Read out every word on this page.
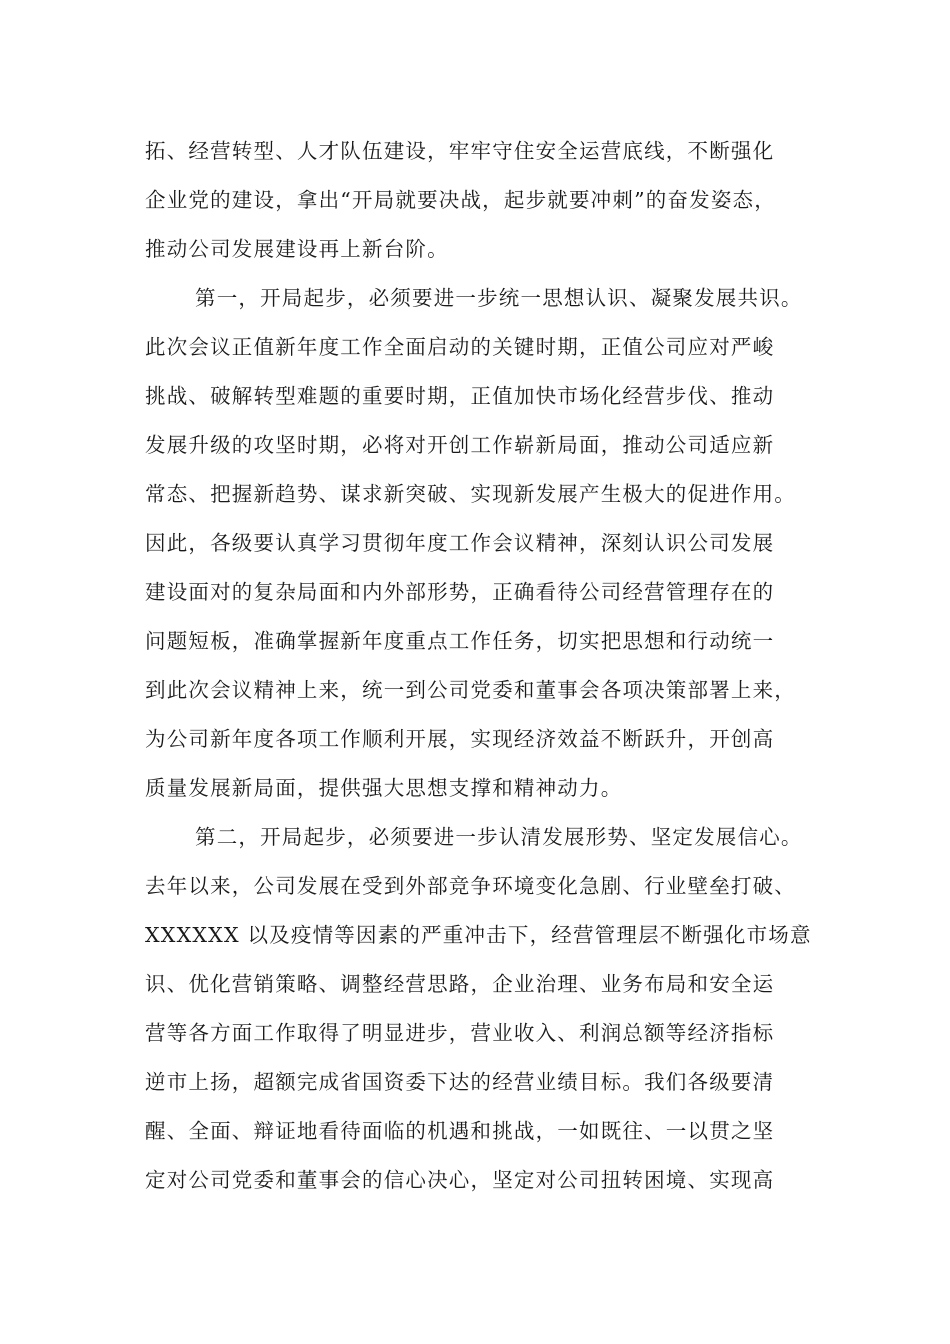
拓、经营转型、人才队伍建设，牢牢守住安全运营底线，不断强化
企业党的建设，拿出“开局就要决战，起步就要冲刺”的奋发姿态，
推动公司发展建设再上新台阶。
第一，开局起步，必须要进一步统一思想认识、凝聚发展共识。
此次会议正值新年度工作全面启动的关键时期，正值公司应对严峻
挑战、破解转型难题的重要时期，正值加快市场化经营步伐、推动
发展升级的攻坚时期，必将对开创工作崭新局面，推动公司适应新
常态、把握新趋势、谋求新突破、实现新发展产生极大的促进作用。
因此，各级要认真学习贯彻年度工作会议精神，深刻认识公司发展
建设面对的复杂局面和内外部形势，正确看待公司经营管理存在的
问题短板，准确掌握新年度重点工作任务，切实把思想和行动统一
到此次会议精神上来，统一到公司党委和董事会各项决策部署上来，
为公司新年度各项工作顺利开展，实现经济效益不断跃升，开创高
质量发展新局面，提供强大思想支撑和精神动力。
第二，开局起步，必须要进一步认清发展形势、坚定发展信心。
去年以来，公司发展在受到外部竞争环境变化急剧、行业壁垒打破、
XXXXXX 以及疫情等因素的严重冲击下，经营管理层不断强化市场意
识、优化营销策略、调整经营思路，企业治理、业务布局和安全运
营等各方面工作取得了明显进步，营业收入、利润总额等经济指标
逆市上扬，超额完成省国资委下达的经营业绩目标。我们各级要清
醒、全面、辩证地看待面临的机遇和挑战，一如既往、一以贯之坚
定对公司党委和董事会的信心决心，坚定对公司扭转困境、实现高
